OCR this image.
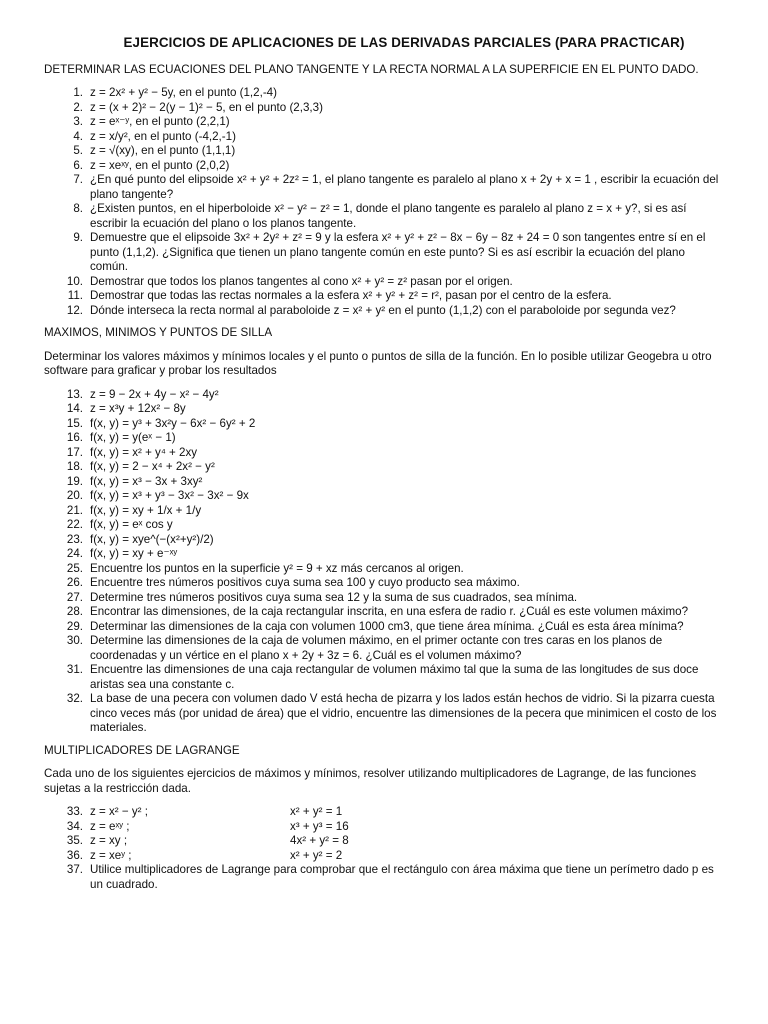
EJERCICIOS DE APLICACIONES DE LAS DERIVADAS PARCIALES (PARA PRACTICAR)
DETERMINAR LAS ECUACIONES DEL PLANO TANGENTE Y LA RECTA NORMAL A LA SUPERFICIE EN EL PUNTO DADO.
1. z = 2x² + y² − 5y, en el punto (1,2,-4)
2. z = (x + 2)² − 2(y − 1)² − 5, en el punto (2,3,3)
3. z = eˣ⁻ʸ, en el punto (2,2,1)
4. z = x/y², en el punto (-4,2,-1)
5. z = √(xy), en el punto (1,1,1)
6. z = xeˣʸ, en el punto (2,0,2)
7. ¿En qué punto del elipsoide x² + y² + 2z² = 1, el plano tangente es paralelo al plano x + 2y + x = 1 , escribir la ecuación del plano tangente?
8. ¿Existen puntos, en el hiperboloide x² − y² − z² = 1, donde el plano tangente es paralelo al plano z = x + y?, si es así escribir la ecuación del plano o los planos tangente.
9. Demuestre que el elipsoide 3x² + 2y² + z² = 9 y la esfera x² + y² + z² − 8x − 6y − 8z + 24 = 0 son tangentes entre sí en el punto (1,1,2). ¿Significa que tienen un plano tangente común en este punto? Si es así escribir la ecuación del plano común.
10. Demostrar que todos los planos tangentes al cono x² + y² = z² pasan por el origen.
11. Demostrar que todas las rectas normales a la esfera x² + y² + z² = r², pasan por el centro de la esfera.
12. Dónde interseca la recta normal al paraboloide z = x² + y² en el punto (1,1,2) con el paraboloide por segunda vez?
MAXIMOS, MINIMOS Y PUNTOS DE SILLA
Determinar los valores máximos y mínimos locales y el punto o puntos de silla de la función. En lo posible utilizar Geogebra u otro software para graficar y probar los resultados
13. z = 9 − 2x + 4y − x² − 4y²
14. z = x³y + 12x² − 8y
15. f(x, y) = y³ + 3x²y − 6x² − 6y² + 2
16. f(x, y) = y(eˣ − 1)
17. f(x, y) = x² + y⁴ + 2xy
18. f(x, y) = 2 − x⁴ + 2x² − y²
19. f(x, y) = x³ − 3x + 3xy²
20. f(x, y) = x³ + y³ − 3x² − 3x² − 9x
21. f(x, y) = xy + 1/x + 1/y
22. f(x, y) = eˣ cos y
23. f(x, y) = xye^(−(x²+y²)/2)
24. f(x, y) = xy + e⁻ˣʸ
25. Encuentre los puntos en la superficie y² = 9 + xz más cercanos al origen.
26. Encuentre tres números positivos cuya suma sea 100 y cuyo producto sea máximo.
27. Determine tres números positivos cuya suma sea 12 y la suma de sus cuadrados, sea mínima.
28. Encontrar las dimensiones, de la caja rectangular inscrita, en una esfera de radio r. ¿Cuál es este volumen máximo?
29. Determinar las dimensiones de la caja con volumen 1000 cm3, que tiene área mínima. ¿Cuál es esta área mínima?
30. Determine las dimensiones de la caja de volumen máximo, en el primer octante con tres caras en los planos de coordenadas y un vértice en el plano x + 2y + 3z = 6. ¿Cuál es el volumen máximo?
31. Encuentre las dimensiones de una caja rectangular de volumen máximo tal que la suma de las longitudes de sus doce aristas sea una constante c.
32. La base de una pecera con volumen dado V está hecha de pizarra y los lados están hechos de vidrio. Si la pizarra cuesta cinco veces más (por unidad de área) que el vidrio, encuentre las dimensiones de la pecera que minimicen el costo de los materiales.
MULTIPLICADORES DE LAGRANGE
Cada uno de los siguientes ejercicios de máximos y mínimos, resolver utilizando multiplicadores de Lagrange, de las funciones sujetas a la restricción dada.
33. z = x² − y² ;	x² + y² = 1
34. z = eˣʸ ;	x³ + y³ = 16
35. z = xy ;	4x² + y² = 8
36. z = xeʸ ;	x² + y² = 2
37. Utilice multiplicadores de Lagrange para comprobar que el rectángulo con área máxima que tiene un perímetro dado p es un cuadrado.
